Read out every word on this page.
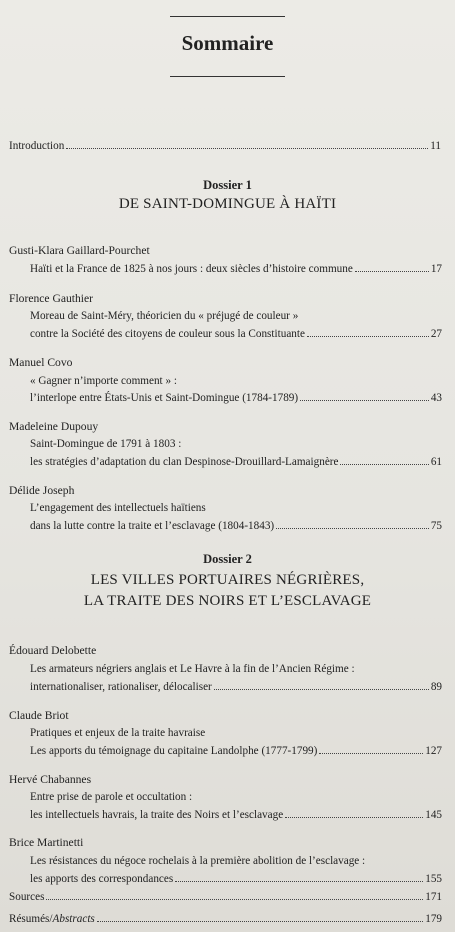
Sommaire
Introduction	11
Dossier 1
DE SAINT-DOMINGUE À HAÏTI
Gusti-Klara Gaillard-Pourchet
Haïti et la France de 1825 à nos jours : deux siècles d’histoire commune	17
Florence Gauthier
Moreau de Saint-Méry, théoricien du « préjugé de couleur »
contre la Société des citoyens de couleur sous la Constituante	27
Manuel Covo
« Gagner n’importe comment » :
l’interlope entre États-Unis et Saint-Domingue (1784-1789)	43
Madeleine Dupouy
Saint-Domingue de 1791 à 1803 :
les stratégies d’adaptation du clan Despinose-Drouillard-Lamaignère	61
Délide Joseph
L’engagement des intellectuels haïtiens
dans la lutte contre la traite et l’esclavage (1804-1843)	75
Dossier 2
LES VILLES PORTUAIRES NÉGRIÈRES,
LA TRAITE DES NOIRS ET L’ESCLAVAGE
Édouard Delobette
Les armateurs négriers anglais et Le Havre à la fin de l’Ancien Régime :
internationaliser, rationaliser, délocaliser	89
Claude Briot
Pratiques et enjeux de la traite havraise
Les apports du témoignage du capitaine Landolphe (1777-1799)	127
Hervé Chabannes
Entre prise de parole et occultation :
les intellectuels havrais, la traite des Noirs et l’esclavage	145
Brice Martinetti
Les résistances du négoce rochelais à la première abolition de l’esclavage :
les apports des correspondances	155
Sources	171
Résumés/Abstracts	179
